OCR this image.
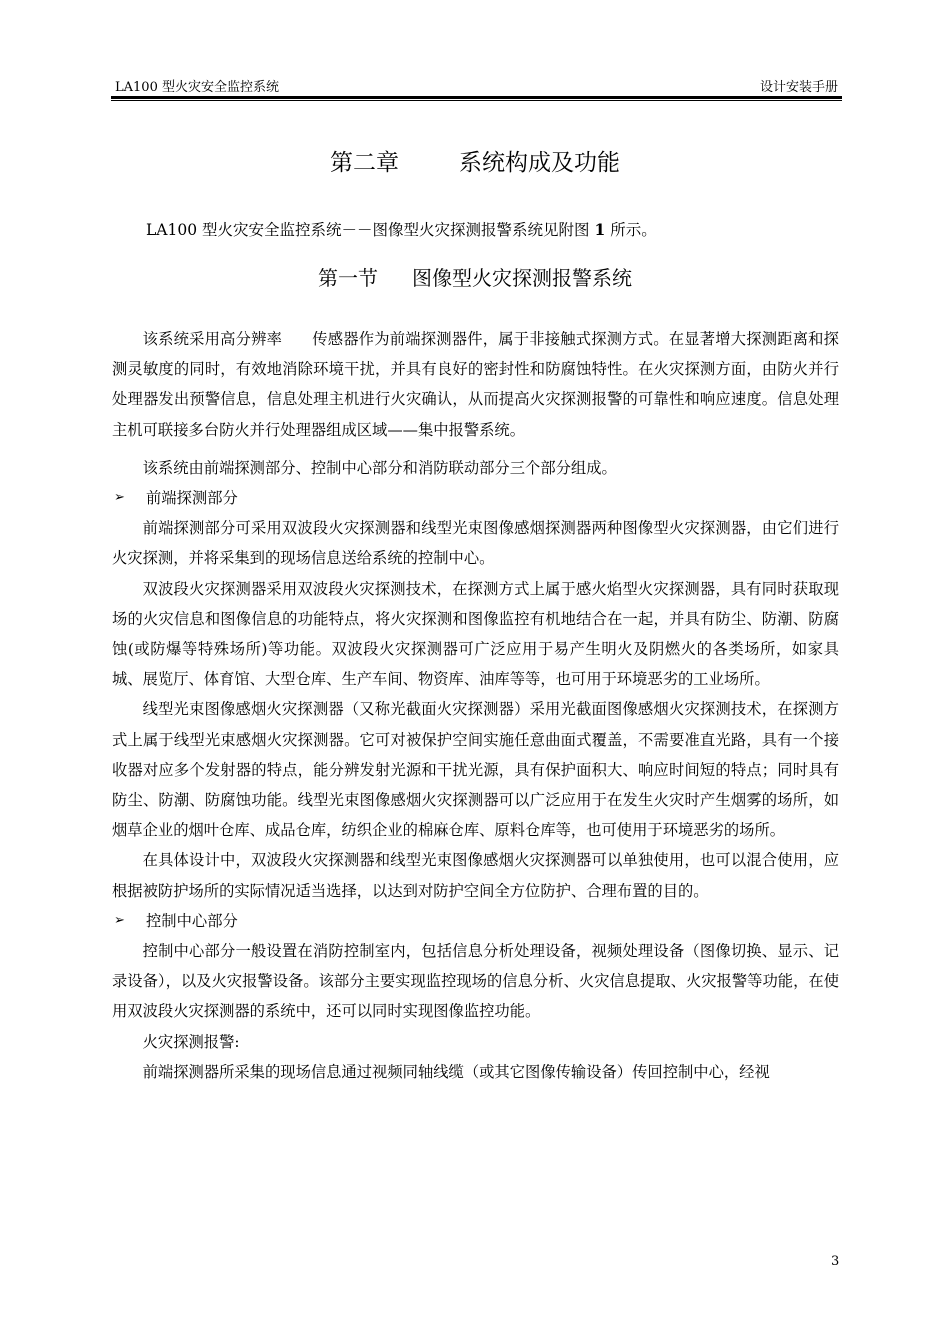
LA100 型火灾安全监控系统	设计安装手册
第二章	系统构成及功能
LA100 型火灾安全监控系统－－图像型火灾探测报警系统见附图 1 所示。
第一节 图像型火灾探测报警系统

该系统采用高分辨率 传感器作为前端探测器件，属于非接触式探测方式。在显著增大探测距离和探测灵敏度的同时，有效地消除环境干扰，并具有良好的密封性和防腐蚀特性。在火灾探测方面，由防火并行处理器发出预警信息，信息处理主机进行火灾确认，从而提高火灾探测报警的可靠性和响应速度。信息处理主机可联接多台防火并行处理器组成区域——集中报警系统。

该系统由前端探测部分、控制中心部分和消防联动部分三个部分组成。

➢ 前端探测部分

前端探测部分可采用双波段火灾探测器和线型光束图像感烟探测器两种图像型火灾探测器，由它们进行火灾探测，并将采集到的现场信息送给系统的控制中心。

双波段火灾探测器采用双波段火灾探测技术，在探测方式上属于感火焰型火灾探测器，具有同时获取现场的火灾信息和图像信息的功能特点，将火灾探测和图像监控有机地结合在一起，并具有防尘、防潮、防腐蚀(或防爆等特殊场所)等功能。双波段火灾探测器可广泛应用于易产生明火及阴燃火的各类场所，如家具城、展览厅、体育馆、大型仓库、生产车间、物资库、油库等等，也可用于环境恶劣的工业场所。

线型光束图像感烟火灾探测器（又称光截面火灾探测器）采用光截面图像感烟火灾探测技术，在探测方式上属于线型光束感烟火灾探测器。它可对被保护空间实施任意曲面式覆盖，不需要准直光路，具有一个接收器对应多个发射器的特点，能分辨发射光源和干扰光源，具有保护面积大、响应时间短的特点；同时具有防尘、防潮、防腐蚀功能。线型光束图像感烟火灾探测器可以广泛应用于在发生火灾时产生烟雾的场所，如烟草企业的烟叶仓库、成品仓库，纺织企业的棉麻仓库、原料仓库等，也可使用于环境恶劣的场所。

在具体设计中，双波段火灾探测器和线型光束图像感烟火灾探测器可以单独使用，也可以混合使用，应根据被防护场所的实际情况适当选择，以达到对防护空间全方位防护、合理布置的目的。

➢ 控制中心部分

控制中心部分一般设置在消防控制室内，包括信息分析处理设备，视频处理设备（图像切换、显示、记录设备），以及火灾报警设备。该部分主要实现监控现场的信息分析、火灾信息提取、火灾报警等功能，在使用双波段火灾探测器的系统中，还可以同时实现图像监控功能。

火灾探测报警:

前端探测器所采集的现场信息通过视频同轴线缆（或其它图像传输设备）传回控制中心，经视

3
